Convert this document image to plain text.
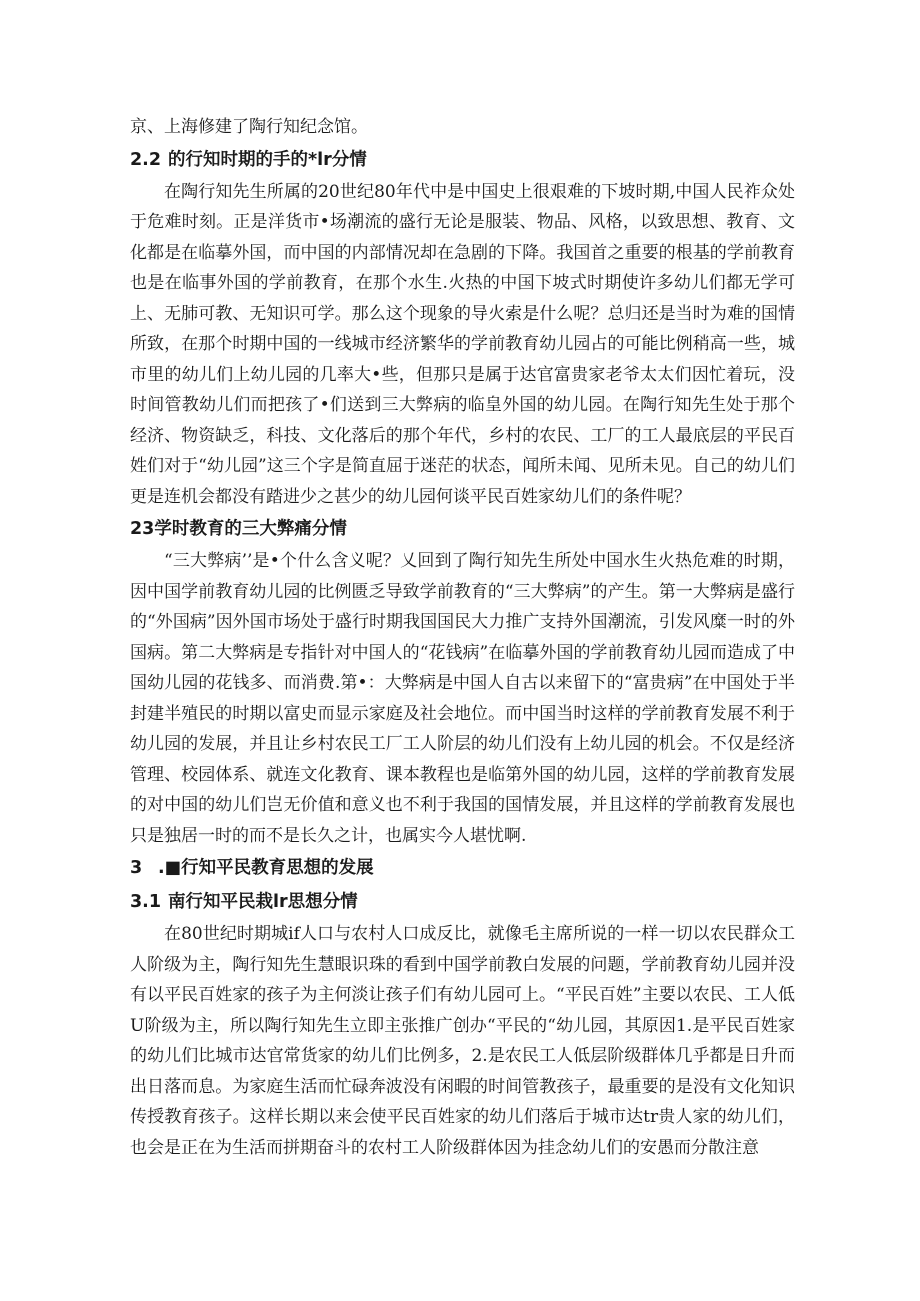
京、上海修建了陶行知纪念馆。

2.2 的行知时期的手的*lr分情

在陶行知先生所属的20世纪80年代中是中国史上很艰难的下坡时期,中国人民祚众处于危难时刻。正是洋货市•场潮流的盛行无论是服装、物品、风格，以致思想、教育、文化都是在临摹外国，而中国的内部情况却在急剧的下降。我国首之重要的根基的学前教育也是在临事外国的学前教育，在那个水生.火热的中国下坡式时期使许多幼儿们都无学可上、无肺可教、无知识可学。那么这个现象的导火索是什么呢？总归还是当时为难的国情所致，在那个时期中国的一线城市经济繁华的学前教育幼儿园占的可能比例稍高一些，城市里的幼儿们上幼儿园的几率大•些，但那只是属于达官富贵家老爷太太们因忙着玩，没时间管教幼儿们而把孩了•们送到三大弊病的临皇外国的幼儿园。在陶行知先生处于那个经济、物资缺乏，科技、文化落后的那个年代，乡村的农民、工厂的工人最底层的平民百姓们对于“幼儿园”这三个字是简直屈于迷茫的状态，闻所未闻、见所未见。自己的幼儿们更是连机会都没有踏进少之甚少的幼儿园何谈平民百姓家幼儿们的条件呢？

23学时教育的三大弊痛分情

“三大弊病’’是•个什么含义呢？乂回到了陶行知先生所处中国水生火热危难的时期，因中国学前教育幼儿园的比例匮乏导致学前教育的“三大弊病”的产生。第一大弊病是盛行的“外国病”因外国市场处于盛行时期我国国民大力推广支持外国潮流，引发风糜一时的外国病。第二大弊病是专指针对中国人的“花钱病”在临摹外国的学前教育幼儿园而造成了中国幼儿园的花钱多、而消费.第•：大弊病是中国人自古以来留下的“富贵病”在中国处于半封建半殖民的时期以富史而显示家庭及社会地位。而中国当时这样的学前教育发展不利于幼儿园的发展，并且让乡村农民工厂工人阶层的幼儿们没有上幼儿园的机会。不仅是经济管理、校园体系、就连文化教育、课本教程也是临第外国的幼儿园，这样的学前教育发展的对中国的幼儿们岂无价值和意义也不利于我国的国情发展，并且这样的学前教育发展也只是独居一时的而不是长久之计，也属实今人堪忧啊.

3 .■行知平民教育思想的发展
3.1 南行知平民栽lr思想分情

在80世纪时期城if人口与农村人口成反比，就像毛主席所说的一样一切以农民群众工人阶级为主，陶行知先生慧眼识珠的看到中国学前教白发展的问题，学前教育幼儿园并没有以平民百姓家的孩子为主何淡让孩子们有幼儿园可上。“平民百姓”主要以农民、工人低U阶级为主，所以陶行知先生立即主张推广创办“平民的“幼儿园，其原因1.是平民百姓家的幼儿们比城市达官常货家的幼儿们比例多，2.是农民工人低层阶级群体几乎都是日升而出日落而息。为家庭生活而忙碌奔波没有闲暇的时间管教孩子，最重要的是没有文化知识传授教育孩子。这样长期以来会使平民百姓家的幼儿们落后于城市达tr贵人家的幼儿们，也会是正在为生活而拼期奋斗的农村工人阶级群体因为挂念幼儿们的安愚而分散注意
